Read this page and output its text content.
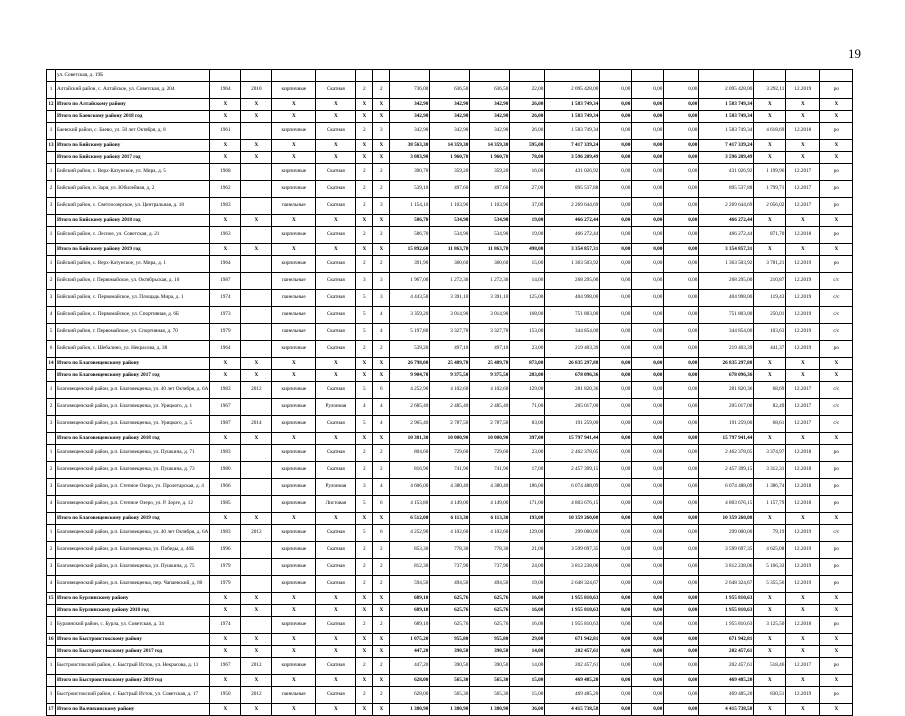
19
	ул. Советская, д. 19Б																		
1	Алтайский район, с. Алтайское, ул. Советская, д. 204	1964	2010	кирпичные	Скатная	2	2	736,00	636,50	636,50	22,00	2 095 428,00	0,00	0,00	0,00	2 095 428,00	3 292,11	12.2019	ро
12	Итого по Алтайскому району	X	X	X	X	X	X	342,90	342,90	342,90	26,00	1 583 749,34	0,00	0,00	0,00	1 583 749,34	X	X	X
	Итого по Баевскому району 2018 год	X	X	X	X	X	X	342,90	342,90	342,90	26,00	1 583 749,34	0,00	0,00	0,00	1 583 749,34	X	X	X
1	Баевский район, с. Баево, ул. 50 лет Октября, д. 8	1961		кирпичные	Скатная	2	3	342,90	342,90	342,90	26,00	1 583 749,34	0,00	0,00	0,00	1 583 749,34	4 618,69	12.2018	ро
13	Итого по Бийскому району	X	X	X	X	X	X	38 563,30	14 359,30	14 359,30	595,00	7 417 339,24	0,00	0,00	0,00	7 417 339,24	X	X	X
	Итого по Бийскому району 2017 год	X	X	X	X	X	X	3 083,90	1 960,70	1 960,70	78,00	3 596 209,49	0,00	0,00	0,00	3 596 209,49	X	X	X
1	Бийский район, с. Верх-Катунское, ул. Мира, д. 5	1968		кирпичные	Скатная	2	2	390,70	359,20	359,20	16,00	431 026,92	0,00	0,00	0,00	431 026,92	1 199,96	12.2017	ро
2	Бийский район, п. Заря, ул. Юбилейная, д. 2	1962		кирпичные	Скатная	2	2	539,10	497,60	497,60	27,00	895 537,88	0,00	0,00	0,00	895 537,88	1 799,71	12.2017	ро
3	Бийский район, с. Светлоозерское, ул. Центральная, д. 18	1983		панельные	Скатная	2	3	1 154,10	1 103,90	1 103,90	37,00	2 269 644,69	0,00	0,00	0,00	2 269 644,69	2 056,02	12.2017	ро
	Итого по Бийскому району 2018 год	X	X	X	X	X	X	586,70	534,90	534,90	19,00	466 272,44	0,00	0,00	0,00	466 272,44	X	X	X
1	Бийский район, с. Лесное, ул. Советская, д. 21	1963		кирпичные	Скатная	2	2	586,70	534,90	534,90	19,00	466 272,44	0,00	0,00	0,00	466 272,44	871,70	12.2018	ро
	Итого по Бийскому району 2019 год	X	X	X	X	X	X	15 892,60	11 863,70	11 863,70	498,00	3 354 857,31	0,00	0,00	0,00	3 354 857,31	X	X	X
1	Бийский район, с. Верх-Катунское, ул. Мира, д. 1	1964		кирпичные	Скатная	2	2	391,90	360,60	360,60	15,00	1 363 503,92	0,00	0,00	0,00	1 363 503,92	3 781,21	12.2019	ро
2	Бийский район, г. Первомайское, ул. Октябрьская, д. 10	1987		панельные	Скатная	3	3	1 967,00	1 272,30	1 272,30	14,00	268 295,00	0,00	0,00	0,00	268 295,00	210,87	12.2019	с/с
3	Бийский район, с. Первомайское, ул. Площадь Мира, д. 1	1974		панельные	Скатная	5	3	4 443,50	3 391,10	3 391,10	125,00	404 998,00	0,00	0,00	0,00	404 998,00	119,43	12.2019	с/с
4	Бийский район, с. Первомайское, ул. Спортивная, д. 6Б	1973		панельные	Скатная	5	4	3 359,20	3 014,90	3 014,90	168,00	751 803,00	0,00	0,00	0,00	751 803,00	250,01	12.2019	с/с
5	Бийский район, г. Первомайское, ул. Спортивная, д. 70	1979		панельные	Скатная	5	4	5 197,80	3 327,70	3 327,70	153,00	344 854,00	0,00	0,00	0,00	344 854,00	103,63	12.2019	с/с
6	Бийский район, с. Шебалино, ул. Некрасова, д. 38	1964		кирпичные	Скатная	2	2	539,20	497,10	497,10	23,00	219 403,39	0,00	0,00	0,00	219 403,39	441,37	12.2019	ро
14	Итого по Благовещенскому району	X	X	X	X	X	X	26 798,00	25 489,70	25 489,70	873,00	26 835 297,88	0,00	0,00	0,00	26 835 297,88	X	X	X
	Итого по Благовещенскому району 2017 год	X	X	X	X	X	X	9 904,70	9 375,50	9 375,50	283,00	678 096,36	0,00	0,00	0,00	678 096,36	X	X	X
1	Благовещенский район, р.п. Благовещенка, ул. 40 лет Октября, д. 6А	1983	2012	кирпичные	Скатная	5	6	4 252,90	4 102,60	4 102,60	129,00	281 820,36	0,00	0,00	0,00	281 820,36	68,69	12.2017	с/с
2	Благовещенский район, р.п. Благовещенка, ул. Урицкого, д. 1	1967		кирпичные	Рулонная	4	4	2 685,40	2 485,40	2 485,40	71,00	205 017,00	0,00	0,00	0,00	205 017,00	82,49	12.2017	с/с
3	Благовещенский район, р.п. Благовещенка, ул. Урицкого, д. 5	1987	2014	кирпичные	Скатная	5	4	2 965,40	2 787,50	2 787,50	83,00	191 259,00	0,00	0,00	0,00	191 259,00	68,61	12.2017	с/с
	Итого по Благовещенскому району 2018 год	X	X	X	X	X	X	10 381,30	10 000,90	10 000,90	397,00	15 797 941,44	0,00	0,00	0,00	15 797 941,44	X	X	X
1	Благовещенский район, р.п. Благовещенка, ул. Пушкина, д. 71	1983		кирпичные	Скатная	2	2	804,60	729,60	729,60	23,00	2 462 378,05	0,00	0,00	0,00	2 462 378,05	3 374,97	12.2018	ро
2	Благовещенский район, р.п. Благовещенка, ул. Пушкина, д. 73	1980		кирпичные	Скатная	2	2	816,90	741,90	741,90	17,00	2 457 399,15	0,00	0,00	0,00	2 457 399,15	3 312,31	12.2018	ро
3	Благовещенский район, р.п. Степное Озеро, ул. Пролетарская, д. 4	1966		кирпичные	Рулонная	3	4	4 606,00	4 380,40	4 380,40	186,00	6 074 488,09	0,00	0,00	0,00	6 074 488,09	1 386,74	12.2018	ро
4	Благовещенский район, р.п. Степное Озеро, ул. Р. Зорге, д. 12	1985		кирпичные	Листовая	5	6	4 153,80	4 149,00	4 149,00	171,00	4 803 676,15	0,00	0,00	0,00	4 803 676,15	1 157,79	12.2018	ро
	Итого по Благовещенскому району 2019 год	X	X	X	X	X	X	6 512,00	6 113,30	6 113,30	193,00	10 359 260,08	0,00	0,00	0,00	10 359 260,08	X	X	X
1	Благовещенский район, р.п. Благовещенка, ул. 40 лет Октября, д. 6А	1983	2012	кирпичные	Скатная	5	6	4 252,90	4 102,60	4 102,60	129,00	299 000,00	0,00	0,00	0,00	299 000,00	79,19	12.2019	с/с
2	Благовещенский район, р.п. Благовещенка, ул. Победы, д. 46Б	1996		кирпичные	Скатная	2	2	853,30	778,30	778,30	21,00	3 599 697,35	0,00	0,00	0,00	3 599 697,35	4 625,08	12.2019	ро
3	Благовещенский район, р.п. Благовещенка, ул. Пушкина, д. 75	1979		кирпичные	Скатная	2	2	812,30	737,90	737,90	24,00	3 812 238,06	0,00	0,00	0,00	3 812 238,06	5 166,33	12.2019	ро
4	Благовещенский район, р.п. Благовещенка, пер. Чапаевский, д. 80	1979		кирпичные	Скатная	2	2	594,50	494,50	494,50	19,00	2 648 324,67	0,00	0,00	0,00	2 648 324,67	5 355,56	12.2019	ро
15	Итого по Бурлинскому району	X	X	X	X	X	X	689,10	625,76	625,76	16,00	1 955 810,63	0,00	0,00	0,00	1 955 810,63	X	X	X
	Итого по Бурлинскому району 2018 год	X	X	X	X	X	X	689,10	625,76	625,76	16,00	1 955 810,63	0,00	0,00	0,00	1 955 810,63	X	X	X
1	Бурлинский район, с. Бурла, ул. Советская, д. 34	1974		кирпичные	Скатная	2	2	689,10	625,76	625,76	16,00	1 955 810,63	0,00	0,00	0,00	1 955 810,63	3 125,50	12.2018	ро
16	Итого по Быстроистокскому району	X	X	X	X	X	X	1 075,20	955,80	955,80	29,00	671 942,81	0,00	0,00	0,00	671 942,81	X	X	X
	Итого по Быстроистокскому району 2017 год	X	X	X	X	X	X	447,20	390,50	390,50	14,00	202 457,61	0,00	0,00	0,00	202 457,61	X	X	X
1	Быстроистокский район, с. Быстрый Исток, ул. Некрасова, д. 11	1967	2012	кирпичные	Скатная	2	2	447,20	390,50	390,50	14,00	202 457,61	0,00	0,00	0,00	202 457,61	518,46	12.2017	ро
	Итого по Быстроистокскому району 2019 год	X	X	X	X	X	X	628,00	565,30	565,30	15,00	469 485,20	0,00	0,00	0,00	469 485,20	X	X	X
1	Быстроистокский район, с. Быстрый Исток, ул. Советская, д. 17	1950	2012	панельные	Скатная	2	2	628,00	565,30	565,30	15,00	469 485,20	0,00	0,00	0,00	469 485,20	830,51	12.2019	ро
17	Итого по Волчихинскому району	X	X	X	X	X	X	1 380,90	1 380,90	1 380,90	36,00	4 415 738,58	0,00	0,00	0,00	4 415 738,58	X	X	X
